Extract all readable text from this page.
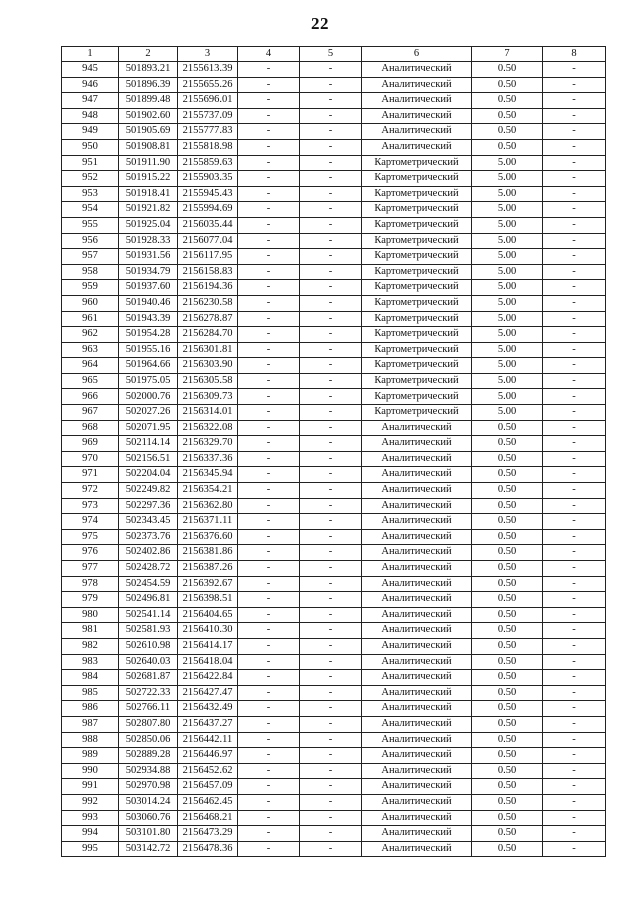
22
1	2	3	4	5	6	7	8
945	501893.21	2155613.39	-	-	Аналитический	0.50	-
946	501896.39	2155655.26	-	-	Аналитический	0.50	-
947	501899.48	2155696.01	-	-	Аналитический	0.50	-
948	501902.60	2155737.09	-	-	Аналитический	0.50	-
949	501905.69	2155777.83	-	-	Аналитический	0.50	-
950	501908.81	2155818.98	-	-	Аналитический	0.50	-
951	501911.90	2155859.63	-	-	Картометрический	5.00	-
952	501915.22	2155903.35	-	-	Картометрический	5.00	-
953	501918.41	2155945.43	-	-	Картометрический	5.00	-
954	501921.82	2155994.69	-	-	Картометрический	5.00	-
955	501925.04	2156035.44	-	-	Картометрический	5.00	-
956	501928.33	2156077.04	-	-	Картометрический	5.00	-
957	501931.56	2156117.95	-	-	Картометрический	5.00	-
958	501934.79	2156158.83	-	-	Картометрический	5.00	-
959	501937.60	2156194.36	-	-	Картометрический	5.00	-
960	501940.46	2156230.58	-	-	Картометрический	5.00	-
961	501943.39	2156278.87	-	-	Картометрический	5.00	-
962	501954.28	2156284.70	-	-	Картометрический	5.00	-
963	501955.16	2156301.81	-	-	Картометрический	5.00	-
964	501964.66	2156303.90	-	-	Картометрический	5.00	-
965	501975.05	2156305.58	-	-	Картометрический	5.00	-
966	502000.76	2156309.73	-	-	Картометрический	5.00	-
967	502027.26	2156314.01	-	-	Картометрический	5.00	-
968	502071.95	2156322.08	-	-	Аналитический	0.50	-
969	502114.14	2156329.70	-	-	Аналитический	0.50	-
970	502156.51	2156337.36	-	-	Аналитический	0.50	-
971	502204.04	2156345.94	-	-	Аналитический	0.50	-
972	502249.82	2156354.21	-	-	Аналитический	0.50	-
973	502297.36	2156362.80	-	-	Аналитический	0.50	-
974	502343.45	2156371.11	-	-	Аналитический	0.50	-
975	502373.76	2156376.60	-	-	Аналитический	0.50	-
976	502402.86	2156381.86	-	-	Аналитический	0.50	-
977	502428.72	2156387.26	-	-	Аналитический	0.50	-
978	502454.59	2156392.67	-	-	Аналитический	0.50	-
979	502496.81	2156398.51	-	-	Аналитический	0.50	-
980	502541.14	2156404.65	-	-	Аналитический	0.50	-
981	502581.93	2156410.30	-	-	Аналитический	0.50	-
982	502610.98	2156414.17	-	-	Аналитический	0.50	-
983	502640.03	2156418.04	-	-	Аналитический	0.50	-
984	502681.87	2156422.84	-	-	Аналитический	0.50	-
985	502722.33	2156427.47	-	-	Аналитический	0.50	-
986	502766.11	2156432.49	-	-	Аналитический	0.50	-
987	502807.80	2156437.27	-	-	Аналитический	0.50	-
988	502850.06	2156442.11	-	-	Аналитический	0.50	-
989	502889.28	2156446.97	-	-	Аналитический	0.50	-
990	502934.88	2156452.62	-	-	Аналитический	0.50	-
991	502970.98	2156457.09	-	-	Аналитический	0.50	-
992	503014.24	2156462.45	-	-	Аналитический	0.50	-
993	503060.76	2156468.21	-	-	Аналитический	0.50	-
994	503101.80	2156473.29	-	-	Аналитический	0.50	-
995	503142.72	2156478.36	-	-	Аналитический	0.50	-
